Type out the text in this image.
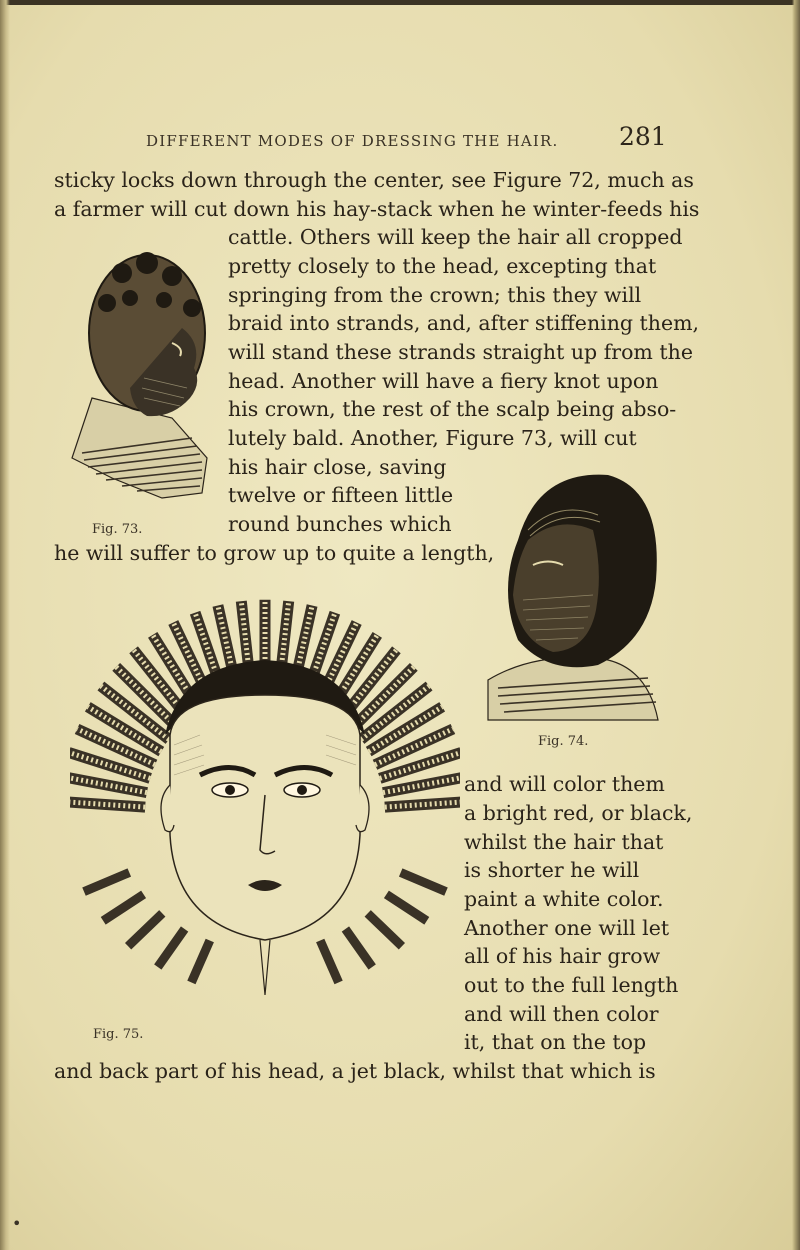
DIFFERENT MODES OF DRESSING THE HAIR. 281
sticky locks down through the center, see Figure 72, much as
a farmer will cut down his hay-stack when he winter-feeds his
cattle. Others will keep the hair all cropped
pretty closely to the head, excepting that
springing from the crown; this they will
braid into strands, and, after stiffening them,
will stand these strands straight up from the
head. Another will have a fiery knot upon
his crown, the rest of the scalp being abso-
lutely bald. Another, Figure 73, will cut
his hair close, saving
twelve or fifteen little
round bunches which
he will suffer to grow up to quite a length,
and will color them
a bright red, or black,
whilst the hair that
is shorter he will
paint a white color.
Another one will let
all of his hair grow
out to the full length
and will then color
it, that on the top
and back part of his head, a jet black, whilst that which is
Fig. 73.
Fig. 74.
Fig. 75.
•
